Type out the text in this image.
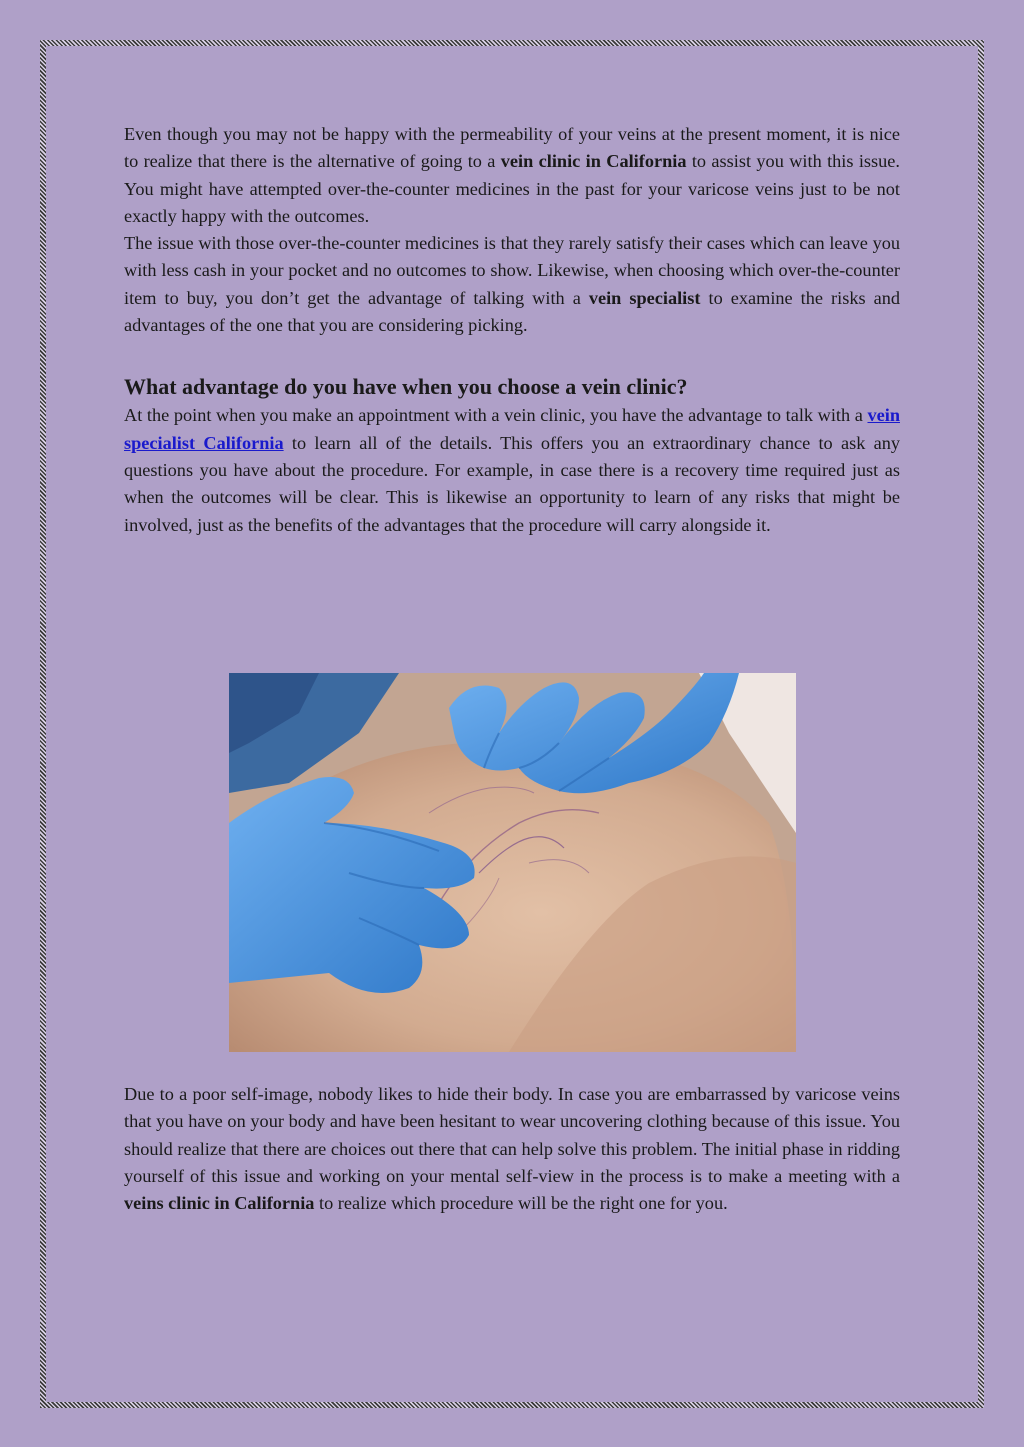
Even though you may not be happy with the permeability of your veins at the present moment, it is nice to realize that there is the alternative of going to a vein clinic in California to assist you with this issue. You might have attempted over-the-counter medicines in the past for your varicose veins just to be not exactly happy with the outcomes.

The issue with those over-the-counter medicines is that they rarely satisfy their cases which can leave you with less cash in your pocket and no outcomes to show. Likewise, when choosing which over-the-counter item to buy, you don’t get the advantage of talking with a vein specialist to examine the risks and advantages of the one that you are considering picking.

What advantage do you have when you choose a vein clinic?

At the point when you make an appointment with a vein clinic, you have the advantage to talk with a vein specialist California to learn all of the details. This offers you an extraordinary chance to ask any questions you have about the procedure. For example, in case there is a recovery time required just as when the outcomes will be clear. This is likewise an opportunity to learn of any risks that might be involved, just as the benefits of the advantages that the procedure will carry alongside it.

Due to a poor self-image, nobody likes to hide their body. In case you are embarrassed by varicose veins that you have on your body and have been hesitant to wear uncovering clothing because of this issue. You should realize that there are choices out there that can help solve this problem. The initial phase in ridding yourself of this issue and working on your mental self-view in the process is to make a meeting with a veins clinic in California to realize which procedure will be the right one for you.
